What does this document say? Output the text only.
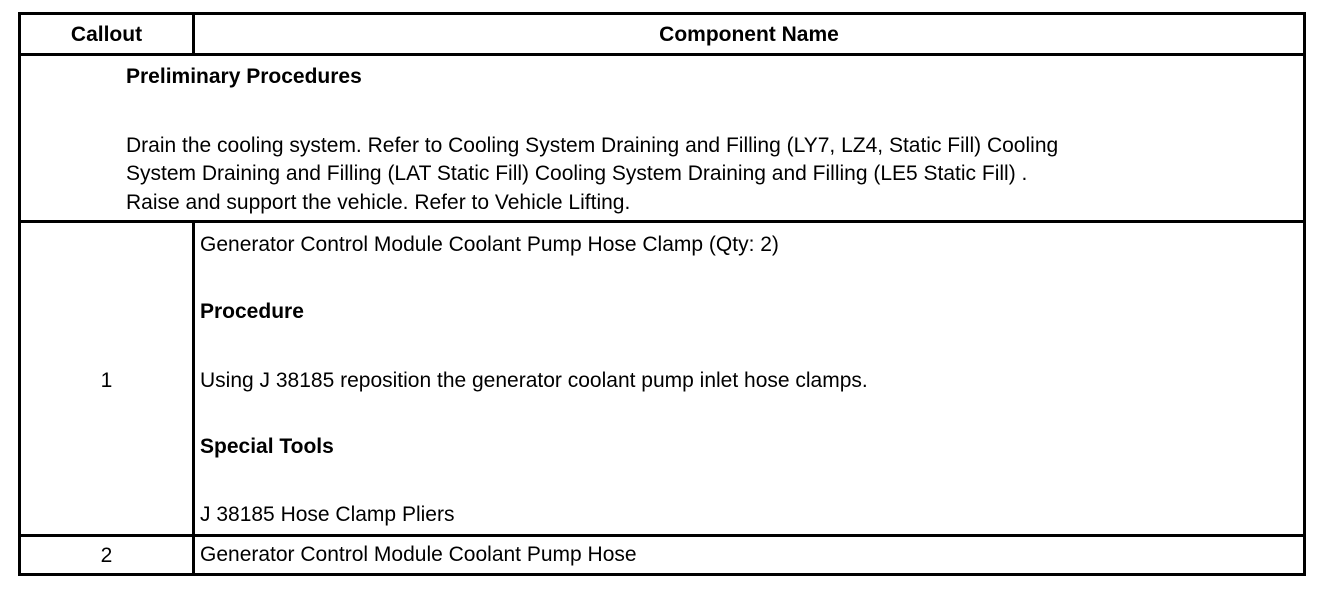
Callout	Component Name
Preliminary Procedures
Drain the cooling system. Refer to Cooling System Draining and Filling (LY7, LZ4, Static Fill) Cooling
System Draining and Filling (LAT Static Fill) Cooling System Draining and Filling (LE5 Static Fill) .
Raise and support the vehicle. Refer to Vehicle Lifting.
1
Generator Control Module Coolant Pump Hose Clamp (Qty: 2)
Procedure
Using J 38185 reposition the generator coolant pump inlet hose clamps.
Special Tools
J 38185 Hose Clamp Pliers
2	Generator Control Module Coolant Pump Hose
